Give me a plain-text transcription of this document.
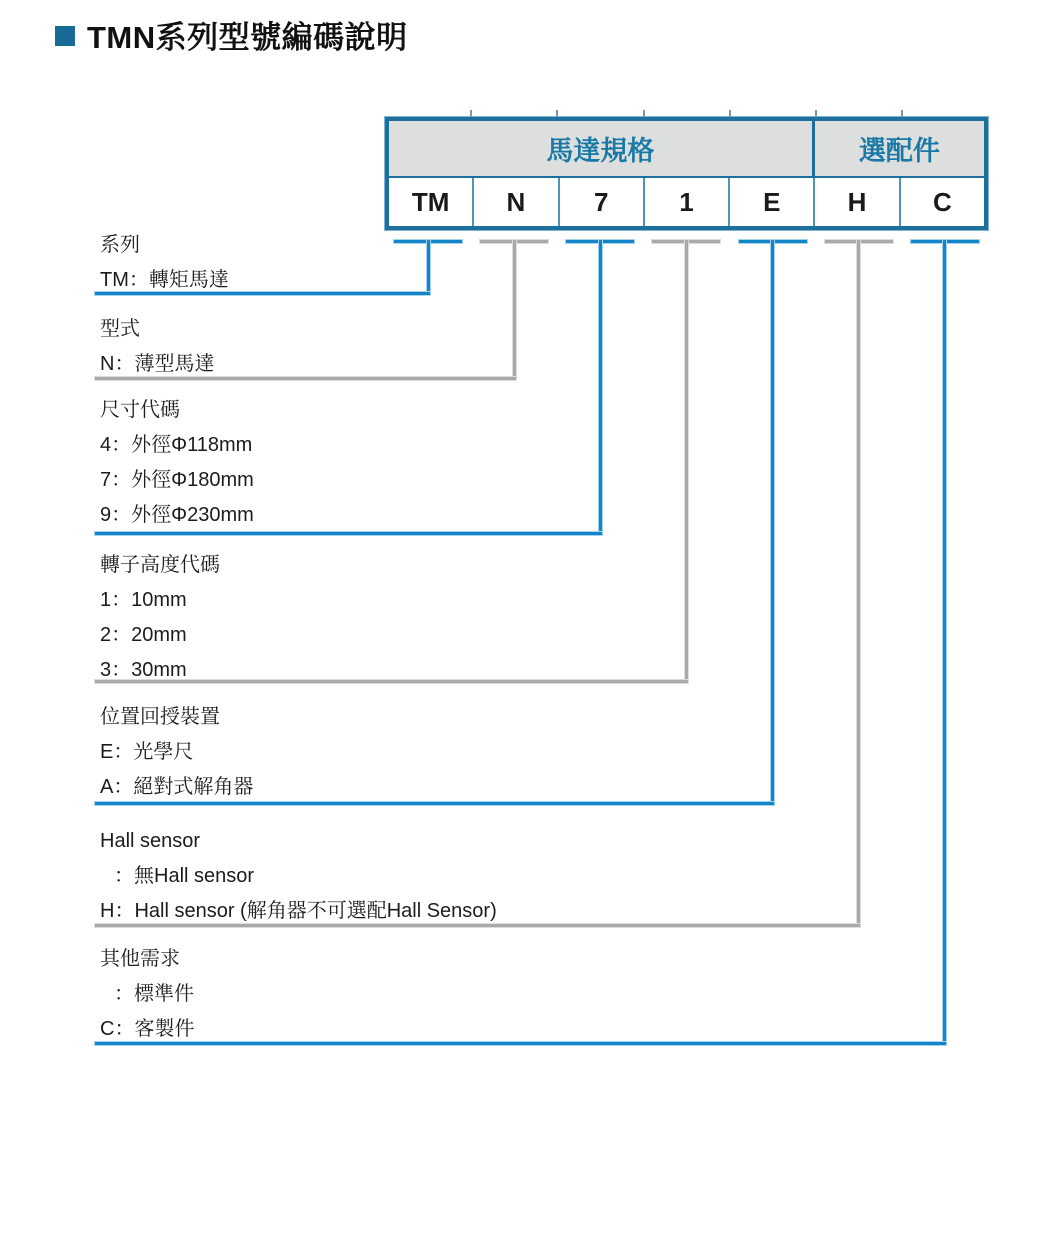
TMN系列型號編碼說明
馬達規格	選配件
TM	N	7	1	E	H	C
系列
TM：轉矩馬達
型式
N：薄型馬達
尺寸代碼
4：外徑Φ118mm
7：外徑Φ180mm
9：外徑Φ230mm
轉子高度代碼
1：10mm
2：20mm
3：30mm
位置回授裝置
E：光學尺
A：絕對式解角器
Hall sensor
：無Hall sensor
H：Hall sensor (解角器不可選配Hall Sensor)
其他需求
：標準件
C：客製件
